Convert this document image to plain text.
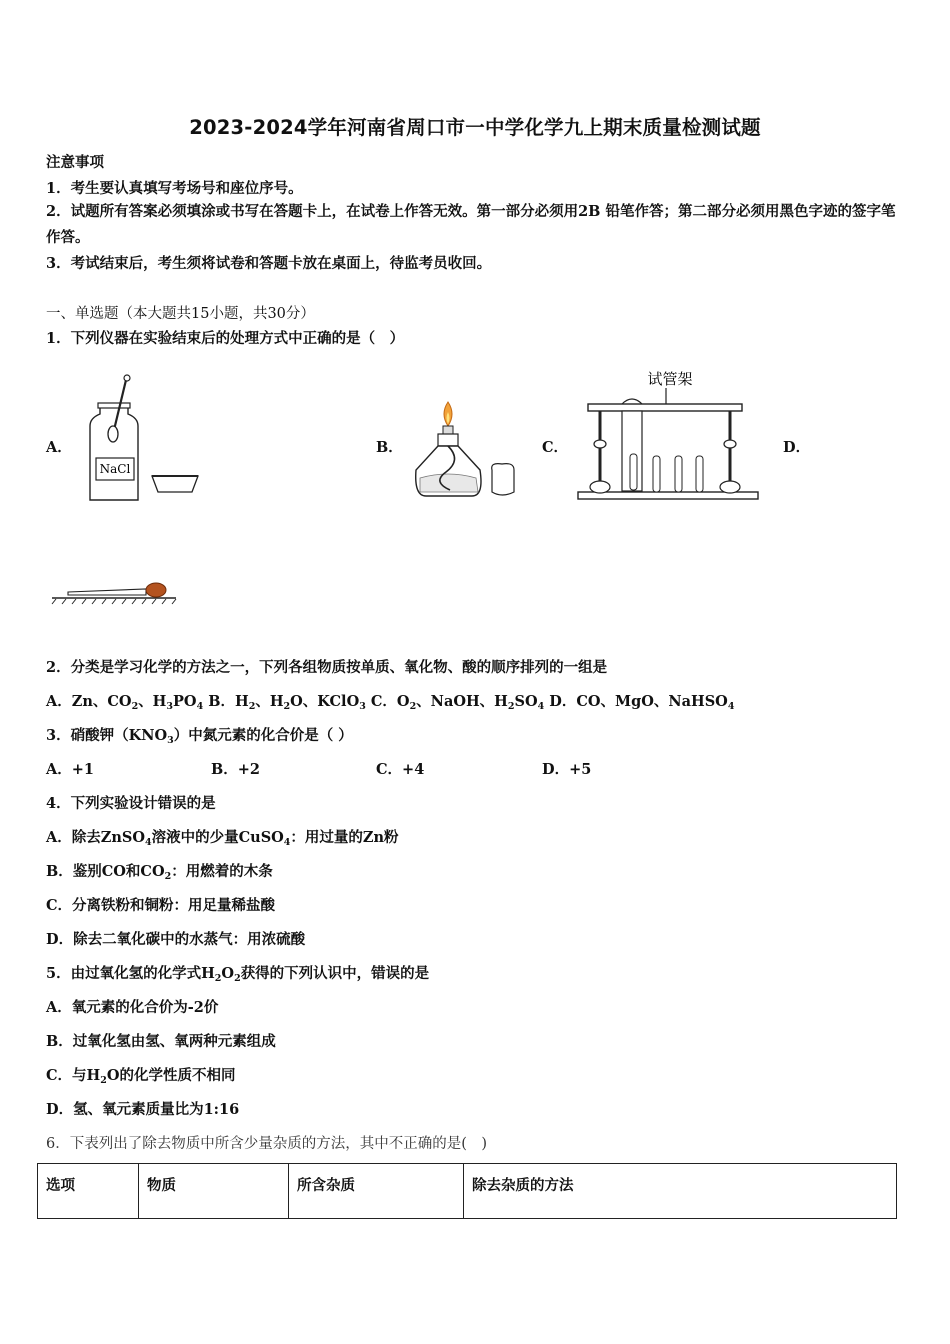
2023-2024学年河南省周口市一中学化学九上期末质量检测试题
注意事项
1．考生要认真填写考场号和座位序号。
2．试题所有答案必须填涂或书写在答题卡上，在试卷上作答无效。第一部分必须用2B 铅笔作答；第二部分必须用黑色字迹的签字笔作答。
3．考试结束后，考生须将试卷和答题卡放在桌面上，待监考员收回。
一、单选题（本大题共15小题，共30分）
1．下列仪器在实验结束后的处理方式中正确的是（　）
A．	B．	C．	D．
NaCl
试管架
2．分类是学习化学的方法之一，下列各组物质按单质、氧化物、酸的顺序排列的一组是
A．Zn、$CO_2$、$H_3PO_4$ B．$H_2$、$H_2O$、KClO$_3$ C．$O_2$、NaOH、$H_2SO_4$ D．CO、MgO、NaHSO$_4$
3．硝酸钾$(KNO_3)$中氮元素的化合价是（ ）
A．+1	B．+2	C．+4	D．+5
4．下列实验设计错误的是
A．除去ZnSO$_4$溶液中的少量CuSO$_4$：用过量的Zn粉
B．鉴别CO和$CO_2$：用燃着的木条
C．分离铁粉和铜粉：用足量稀盐酸
D．除去二氧化碳中的水蒸气：用浓硫酸
5．由过氧化氢的化学式$H_2O_2$获得的下列认识中，错误的是
A．氧元素的化合价为-2价
B．过氧化氢由氢、氧两种元素组成
C．与$H_2O$的化学性质不相同
D．氢、氧元素质量比为1:16
6．下表列出了除去物质中所含少量杂质的方法，其中不正确的是(　)
选项	物质	所含杂质	除去杂质的方法
